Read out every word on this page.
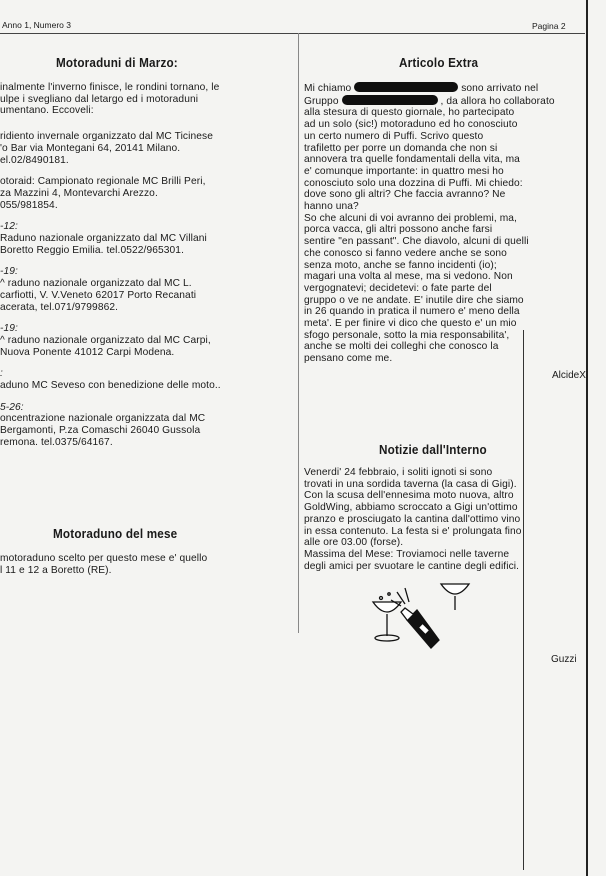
Anno 1, Numero 3	Pagina 2
Motoraduni di Marzo:

inalmente l'inverno finisce, le rondini tornano, le

ulpe i svegliano dal letargo ed i motoraduni

umentano. Eccoveli:

ridiento invernale organizzato dal MC Ticinese

'o Bar via Montegani 64, 20141 Milano.

el.02/8490181.

otoraid: Campionato regionale MC Brilli Peri,

za Mazzini 4, Montevarchi Arezzo.

055/981854.

-12:

Raduno nazionale organizzato dal MC Villani

Boretto Reggio Emilia. tel.0522/965301.

-19:

^ raduno nazionale organizzato dal MC L.

carfiotti, V. V.Veneto 62017 Porto Recanati

acerata, tel.071/9799862.

-19:

^ raduno nazionale organizzato dal MC Carpi,

Nuova Ponente 41012 Carpi Modena.

:

aduno MC Seveso con benedizione delle moto..

5-26:

oncentrazione nazionale organizzata dal MC

Bergamonti, P.za Comaschi 26040 Gussola

remona. tel.0375/64167.

Motoraduno del mese

motoraduno scelto per questo mese e' quello

l 11 e 12 a Boretto (RE).

Articolo Extra

Mi chiamo	sono arrivato nel

Gruppo	, da allora ho collaborato

alla stesura di questo giornale, ho partecipato

ad un solo (sic!) motoraduno ed ho conosciuto

un certo numero di Puffi. Scrivo questo

trafiletto per porre un domanda che non si

annovera tra quelle fondamentali della vita, ma

e' comunque importante: in quattro mesi ho

conosciuto solo una dozzina di Puffi. Mi chiedo:

dove sono gli altri? Che faccia avranno? Ne

hanno una?

So che alcuni di voi avranno dei problemi, ma,

porca vacca, gli altri possono anche farsi

sentire "en passant". Che diavolo, alcuni di quelli

che conosco si fanno vedere anche se sono

senza moto, anche se fanno incidenti (io);

magari una volta al mese, ma si vedono. Non

vergognatevi; decidetevi: o fate parte del

gruppo o ve ne andate. E' inutile dire che siamo

in 26 quando in pratica il numero e' meno della

meta'. E per finire vi dico che questo e' un mio

sfogo personale, sotto la mia responsabilita',

anche se molti dei colleghi che conosco la

pensano come me.

AlcideX
Notizie dall'Interno

Venerdi' 24 febbraio, i soliti ignoti si sono

trovati in una sordida taverna (la casa di Gigi).

Con la scusa dell'ennesima moto nuova, altro

GoldWing, abbiamo scroccato a Gigi un'ottimo

pranzo e prosciugato la cantina dall'ottimo vino

in essa contenuto. La festa si e' prolungata fino

alle ore 03.00 (forse).

Massima del Mese: Troviamoci nelle taverne

degli amici per svuotare le cantine degli edifici.

Guzzi
